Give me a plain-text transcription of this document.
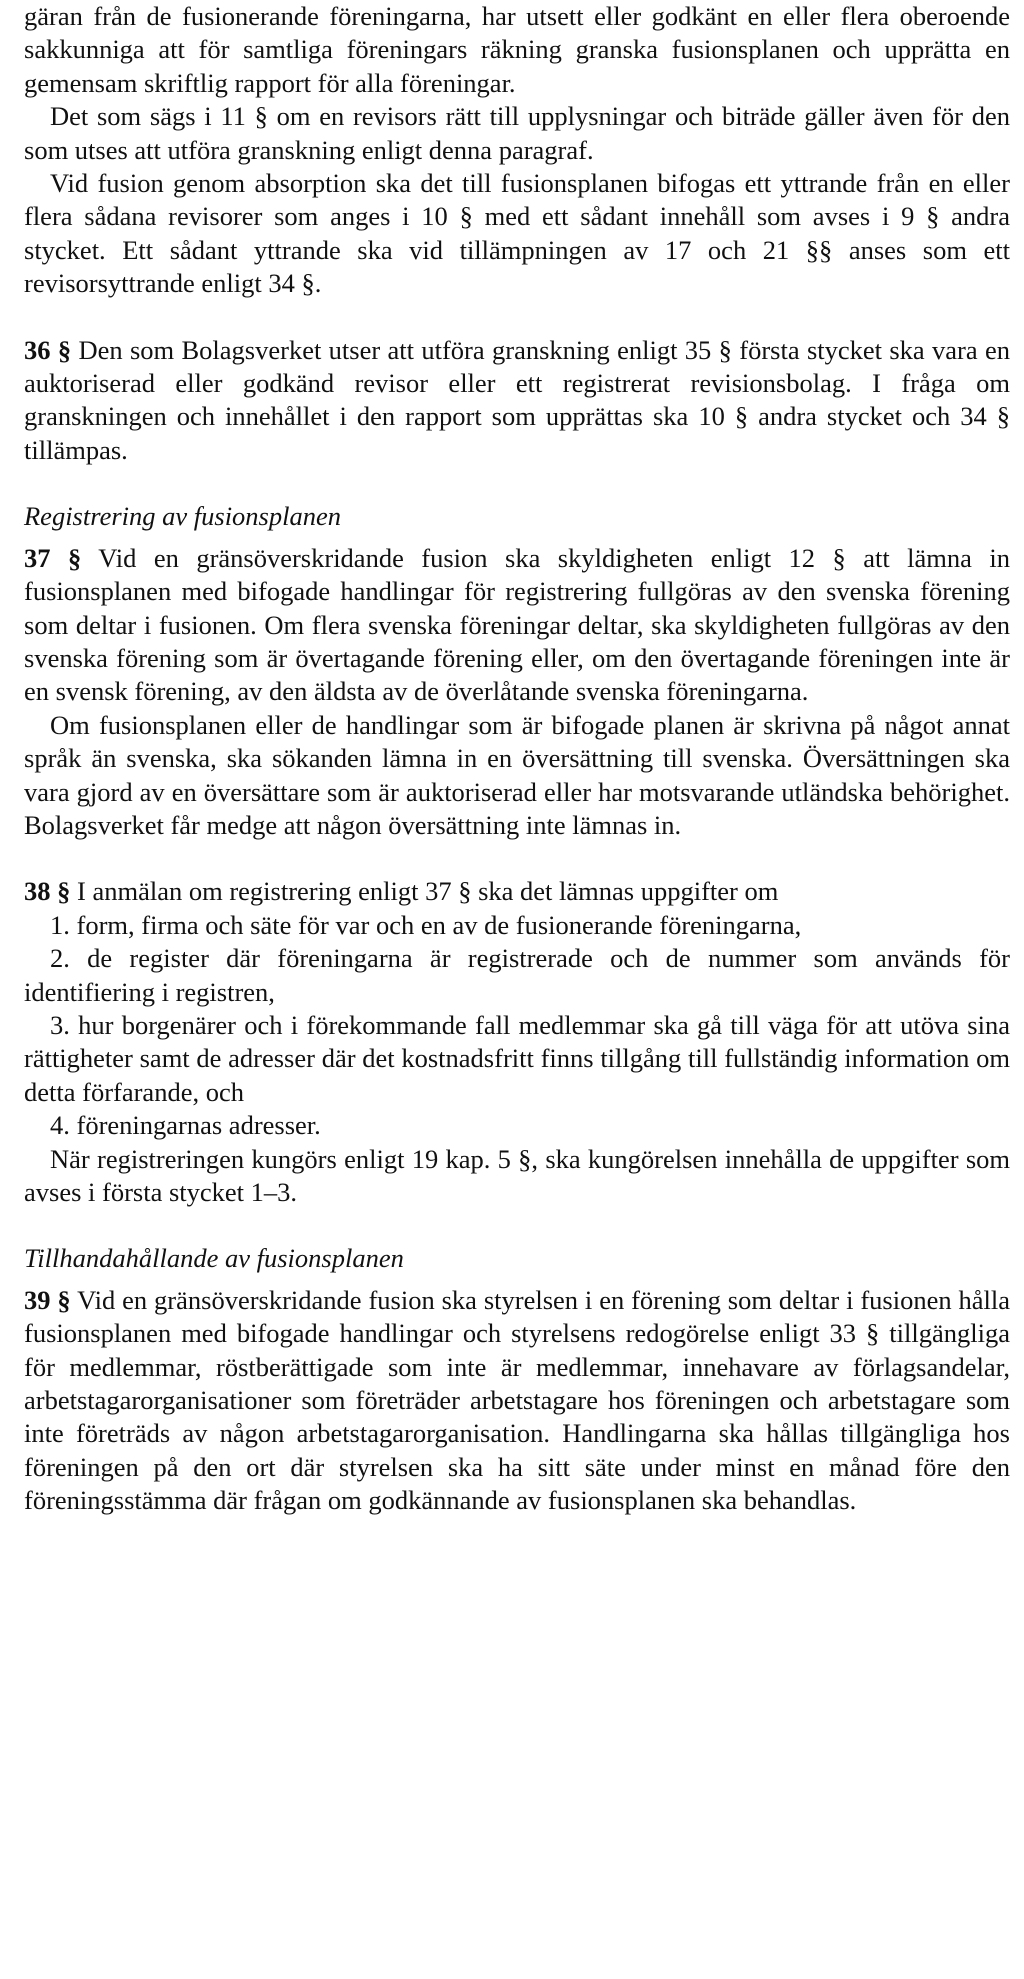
gäran från de fusionerande föreningarna, har utsett eller godkänt en eller flera oberoende sakkunniga att för samtliga föreningars räkning granska fusionsplanen och upprätta en gemensam skriftlig rapport för alla föreningar.

Det som sägs i 11 § om en revisors rätt till upplysningar och biträde gäller även för den som utses att utföra granskning enligt denna paragraf.

Vid fusion genom absorption ska det till fusionsplanen bifogas ett yttrande från en eller flera sådana revisorer som anges i 10 § med ett sådant innehåll som avses i 9 § andra stycket. Ett sådant yttrande ska vid tillämpningen av 17 och 21 §§ anses som ett revisorsyttrande enligt 34 §.

36 § Den som Bolagsverket utser att utföra granskning enligt 35 § första stycket ska vara en auktoriserad eller godkänd revisor eller ett registrerat revisionsbolag. I fråga om granskningen och innehållet i den rapport som upprättas ska 10 § andra stycket och 34 § tillämpas.

Registrering av fusionsplanen

37 § Vid en gränsöverskridande fusion ska skyldigheten enligt 12 § att lämna in fusionsplanen med bifogade handlingar för registrering fullgöras av den svenska förening som deltar i fusionen. Om flera svenska föreningar deltar, ska skyldigheten fullgöras av den svenska förening som är övertagande förening eller, om den övertagande föreningen inte är en svensk förening, av den äldsta av de överlåtande svenska föreningarna.

Om fusionsplanen eller de handlingar som är bifogade planen är skrivna på något annat språk än svenska, ska sökanden lämna in en översättning till svenska. Översättningen ska vara gjord av en översättare som är auktoriserad eller har motsvarande utländska behörighet. Bolagsverket får medge att någon översättning inte lämnas in.

38 § I anmälan om registrering enligt 37 § ska det lämnas uppgifter om

1. form, firma och säte för var och en av de fusionerande föreningarna,

2. de register där föreningarna är registrerade och de nummer som används för identifiering i registren,

3. hur borgenärer och i förekommande fall medlemmar ska gå till väga för att utöva sina rättigheter samt de adresser där det kostnadsfritt finns tillgång till fullständig information om detta förfarande, och

4. föreningarnas adresser.

När registreringen kungörs enligt 19 kap. 5 §, ska kungörelsen innehålla de uppgifter som avses i första stycket 1–3.

Tillhandahållande av fusionsplanen

39 § Vid en gränsöverskridande fusion ska styrelsen i en förening som deltar i fusionen hålla fusionsplanen med bifogade handlingar och styrelsens redogörelse enligt 33 § tillgängliga för medlemmar, röstberättigade som inte är medlemmar, innehavare av förlagsandelar, arbetstagarorganisationer som företräder arbetstagare hos föreningen och arbetstagare som inte företräds av någon arbetstagarorganisation. Handlingarna ska hållas tillgängliga hos föreningen på den ort där styrelsen ska ha sitt säte under minst en månad före den föreningsstämma där frågan om godkännande av fusionsplanen ska behandlas.
